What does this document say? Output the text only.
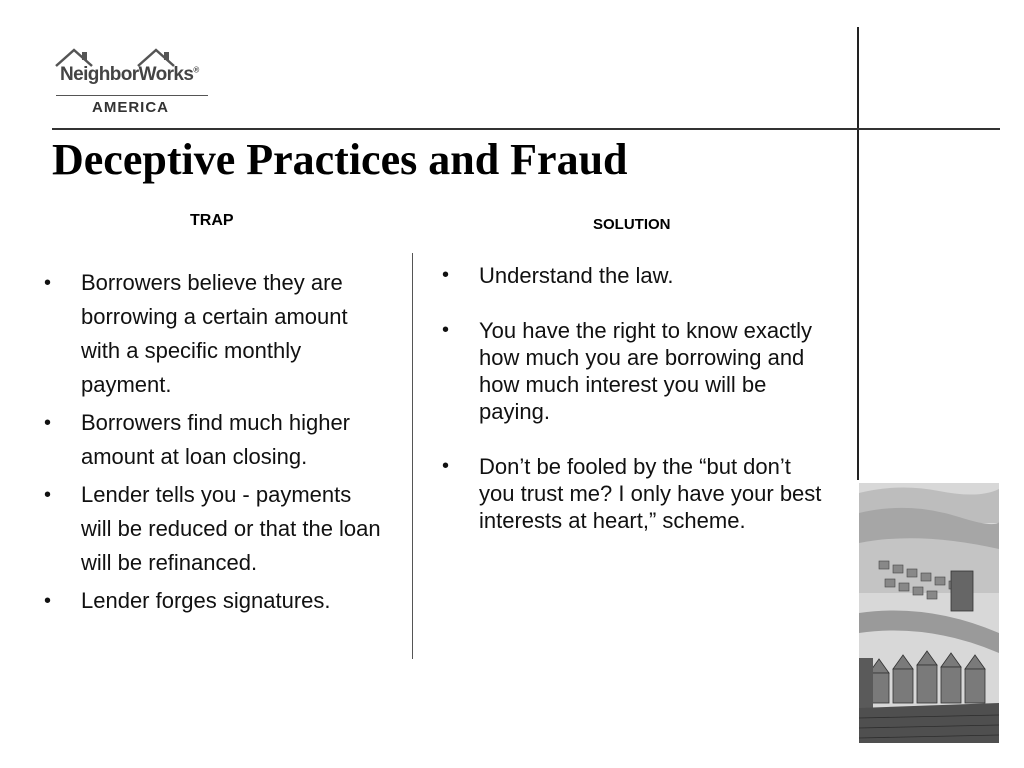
NeighborWorks®
AMERICA
Deceptive Practices and Fraud
TRAP	SOLUTION
• Borrowers believe they are borrowing a certain amount with a specific monthly payment.
• Borrowers find much higher amount at loan closing.
• Lender tells you - payments will be reduced or that the loan will be refinanced.
• Lender forges signatures.
• Understand the law.
• You have the right to know exactly how much you are borrowing and how much interest you will be paying.
• Don’t be fooled by the “but don’t you trust me? I only have your best interests at heart,” scheme.
